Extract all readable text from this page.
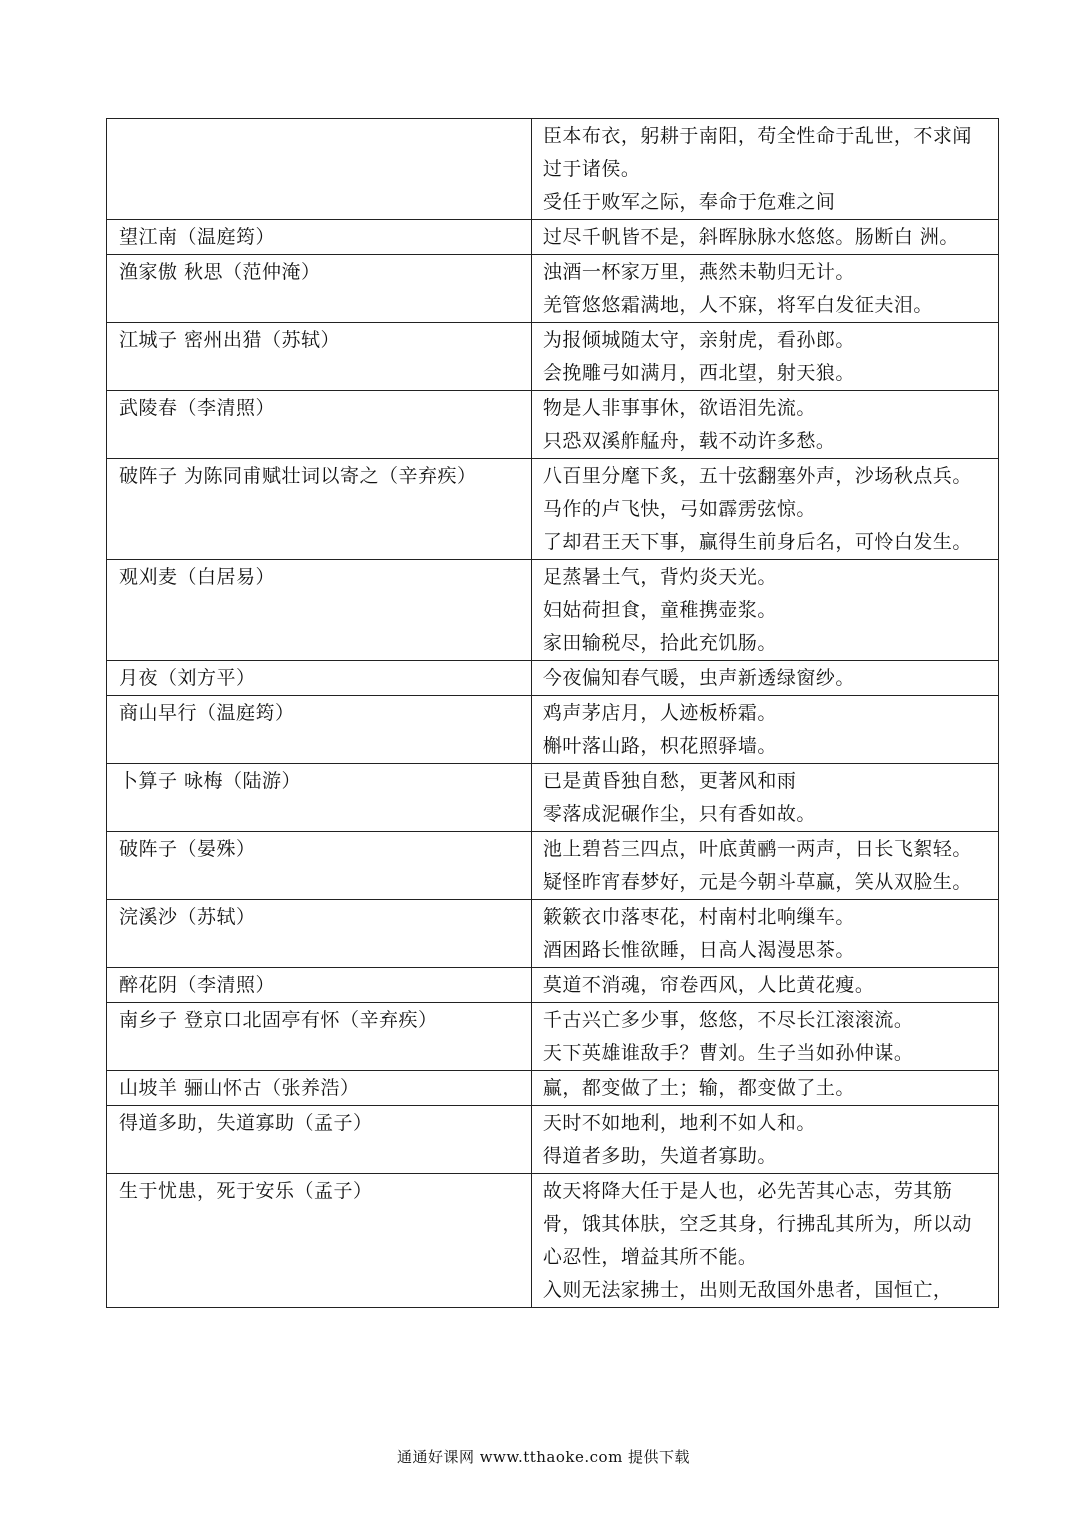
	臣本布衣，躬耕于南阳，苟全性命于乱世，不求闻过于诸侯。
受任于败军之际，奉命于危难之间

望江南（温庭筠）	过尽千帆皆不是，斜晖脉脉水悠悠。肠断白 洲。

渔家傲 秋思（范仲淹）	浊酒一杯家万里，燕然未勒归无计。
羌管悠悠霜满地，人不寐，将军白发征夫泪。

江城子 密州出猎（苏轼）	为报倾城随太守，亲射虎，看孙郎。
会挽雕弓如满月，西北望，射天狼。

武陵春（李清照）	物是人非事事休，欲语泪先流。
只恐双溪舴艋舟，载不动许多愁。

破阵子 为陈同甫赋壮词以寄之（辛弃疾）	八百里分麾下炙，五十弦翻塞外声，沙场秋点兵。
马作的卢飞快，弓如霹雳弦惊。
了却君王天下事，赢得生前身后名，可怜白发生。

观刈麦（白居易）	足蒸暑土气，背灼炎天光。
妇姑荷担食，童稚携壶浆。
家田输税尽，拾此充饥肠。

月夜（刘方平）	今夜偏知春气暖，虫声新透绿窗纱。

商山早行（温庭筠）	鸡声茅店月，人迹板桥霜。
槲叶落山路，枳花照驿墙。

卜算子 咏梅（陆游）	已是黄昏独自愁，更著风和雨
零落成泥碾作尘，只有香如故。

破阵子（晏殊）	池上碧苔三四点，叶底黄鹂一两声，日长飞絮轻。
疑怪昨宵春梦好，元是今朝斗草赢，笑从双脸生。

浣溪沙（苏轼）	簌簌衣巾落枣花，村南村北响缫车。
酒困路长惟欲睡，日高人渴漫思茶。

醉花阴（李清照）	莫道不消魂，帘卷西风，人比黄花瘦。

南乡子 登京口北固亭有怀（辛弃疾）	千古兴亡多少事，悠悠，不尽长江滚滚流。
天下英雄谁敌手？曹刘。生子当如孙仲谋。

山坡羊 骊山怀古（张养浩）	赢，都变做了土；输，都变做了土。

得道多助，失道寡助（孟子）	天时不如地利，地利不如人和。
得道者多助，失道者寡助。

生于忧患，死于安乐（孟子）	故天将降大任于是人也，必先苦其心志，劳其筋骨，饿其体肤，空乏其身，行拂乱其所为，所以动心忍性，增益其所不能。
入则无法家拂士，出则无敌国外患者，国恒亡，
通通好课网 www.tthaoke.com 提供下载
